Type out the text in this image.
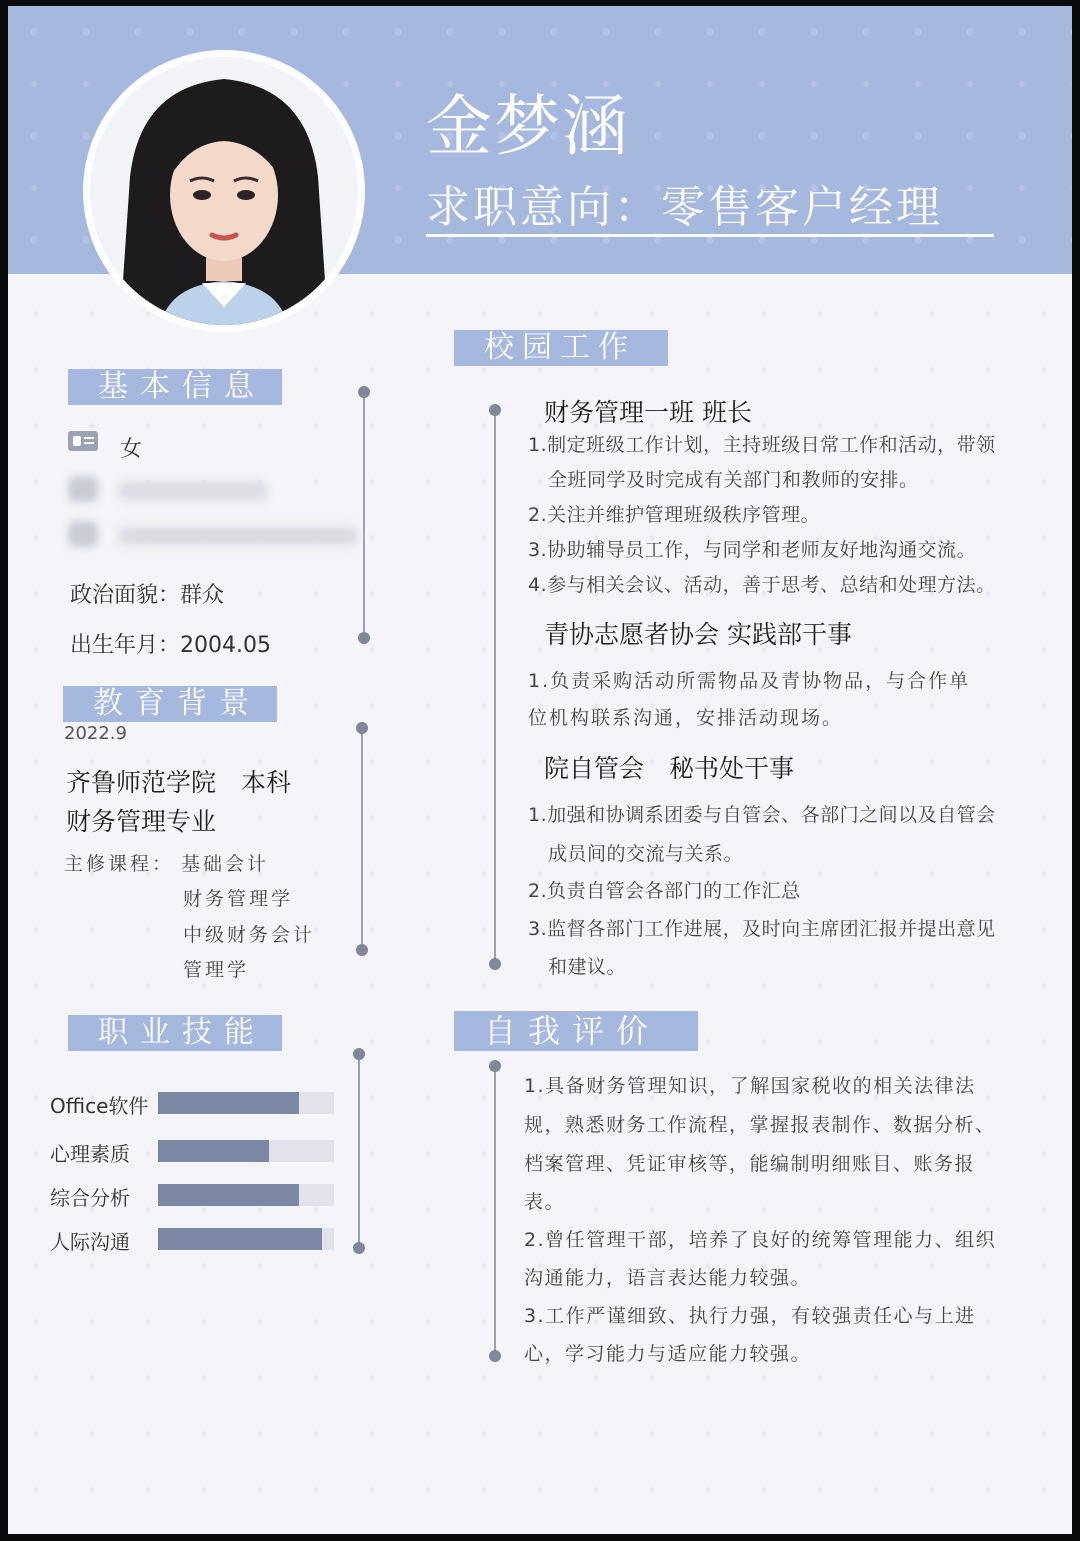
金梦涵
求职意向：零售客户经理
基本信息
女
政治面貌：群众
出生年月：2004.05
教育背景
2022.9
齐鲁师范学院　本科
财务管理专业
主修课程： 基础会计
财务管理学
中级财务会计
管理学
职业技能
Office软件
心理素质
综合分析
人际沟通
校园工作
财务管理一班 班长
1.制定班级工作计划，主持班级日常工作和活动，带领
全班同学及时完成有关部门和教师的安排。
2.关注并维护管理班级秩序管理。
3.协助辅导员工作，与同学和老师友好地沟通交流。
4.参与相关会议、活动，善于思考、总结和处理方法。
青协志愿者协会 实践部干事
1.负责采购活动所需物品及青协物品，与合作单
位机构联系沟通，安排活动现场。
院自管会　秘书处干事
1.加强和协调系团委与自管会、各部门之间以及自管会
成员间的交流与关系。
2.负责自管会各部门的工作汇总
3.监督各部门工作进展，及时向主席团汇报并提出意见
和建议。
自我评价
1.具备财务管理知识，了解国家税收的相关法律法
规，熟悉财务工作流程，掌握报表制作、数据分析、
档案管理、凭证审核等，能编制明细账目、账务报
表。
2.曾任管理干部，培养了良好的统筹管理能力、组织
沟通能力，语言表达能力较强。
3.工作严谨细致、执行力强，有较强责任心与上进
心，学习能力与适应能力较强。
